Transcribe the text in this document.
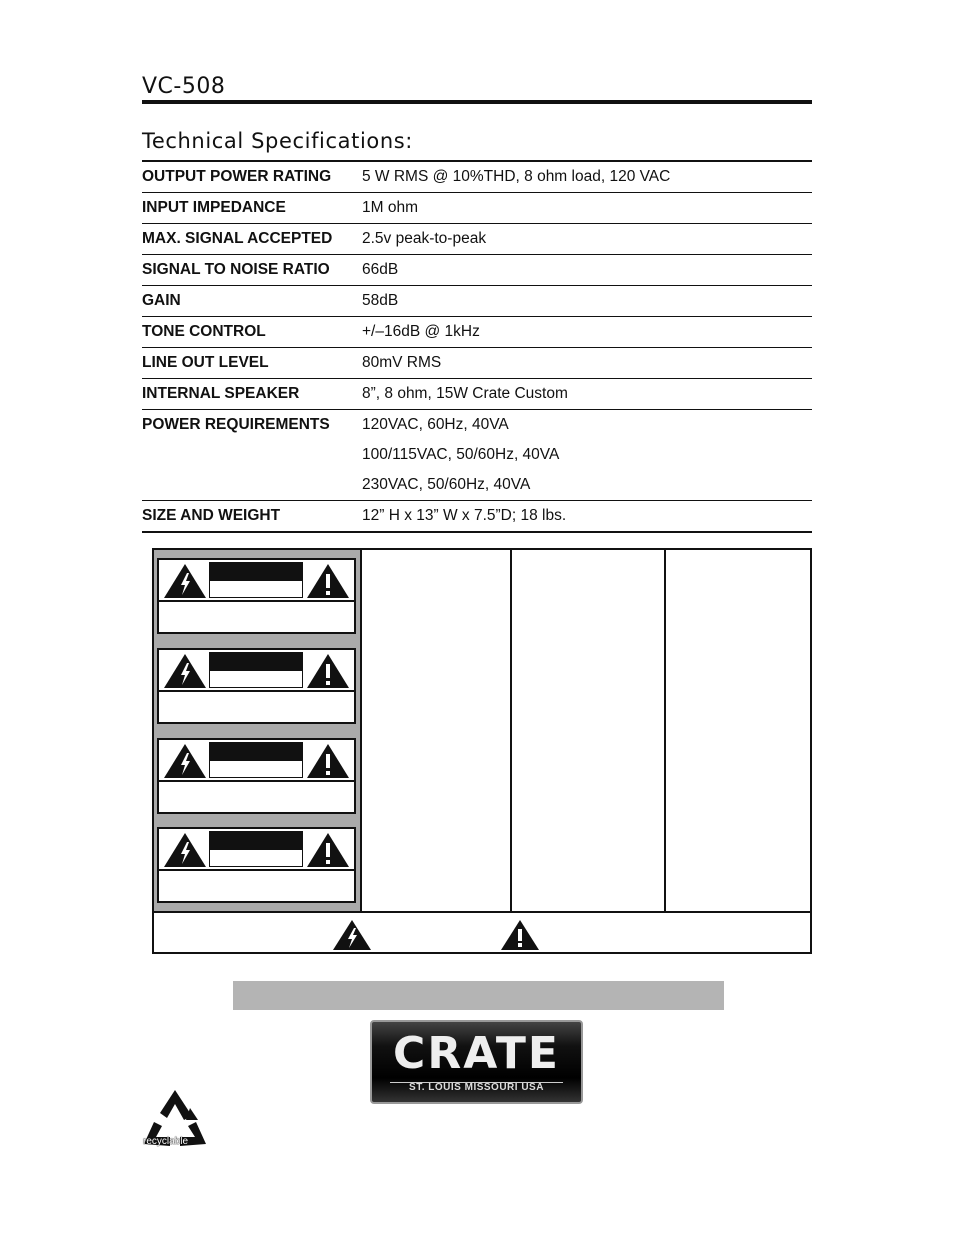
VC-508
Technical Specifications:
OUTPUT POWER RATING	5 W RMS @ 10%THD, 8 ohm load, 120 VAC
INPUT IMPEDANCE	1M ohm
MAX. SIGNAL ACCEPTED	2.5v peak-to-peak
SIGNAL TO NOISE RATIO	66dB
GAIN	58dB
TONE CONTROL	+/–16dB @ 1kHz
LINE OUT LEVEL	80mV RMS
INTERNAL SPEAKER	8”, 8 ohm, 15W Crate Custom
POWER REQUIREMENTS	120VAC, 60Hz, 40VA
100/115VAC, 50/60Hz, 40VA
230VAC, 50/60Hz, 40VA
SIZE AND WEIGHT	12” H x 13” W x 7.5”D; 18 lbs.
CRATE
ST. LOUIS MISSOURI USA
recyclable
